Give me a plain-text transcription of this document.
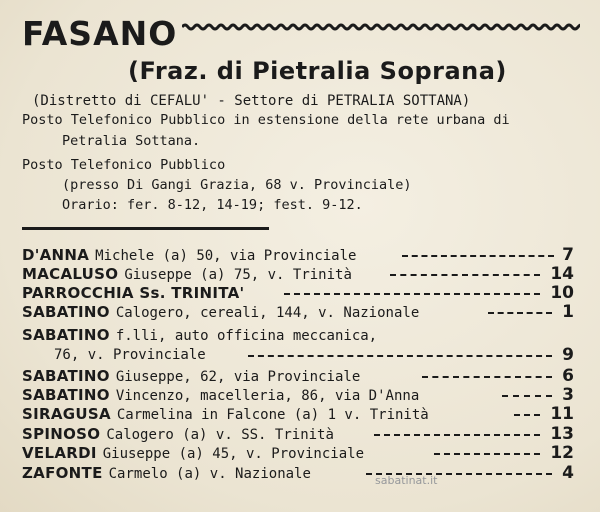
FASANO
(Fraz. di Pietralia Soprana)
(Distretto di CEFALU' - Settore di PETRALIA SOTTANA)
Posto Telefonico Pubblico in estensione della rete urbana di
Petralia Sottana.
Posto Telefonico Pubblico
(presso Di Gangi Grazia, 68 v. Provinciale)
Orario: fer. 8-12, 14-19; fest. 9-12.
D'ANNA Michele (a) 50, via Provinciale	7
MACALUSO Giuseppe (a) 75, v. Trinità	14
PARROCCHIA Ss. TRINITA'	10
SABATINO Calogero, cereali, 144, v. Nazionale	1
SABATINO f.lli, auto officina meccanica,
76, v. Provinciale	9
SABATINO Giuseppe, 62, via Provinciale	6
SABATINO Vincenzo, macelleria, 86, via D'Anna	3
SIRAGUSA Carmelina in Falcone (a) 1 v. Trinità	11
SPINOSO Calogero (a) v. SS. Trinità	13
VELARDI Giuseppe (a) 45, v. Provinciale	12
ZAFONTE Carmelo (a) v. Nazionale	4
sabatinat.it
